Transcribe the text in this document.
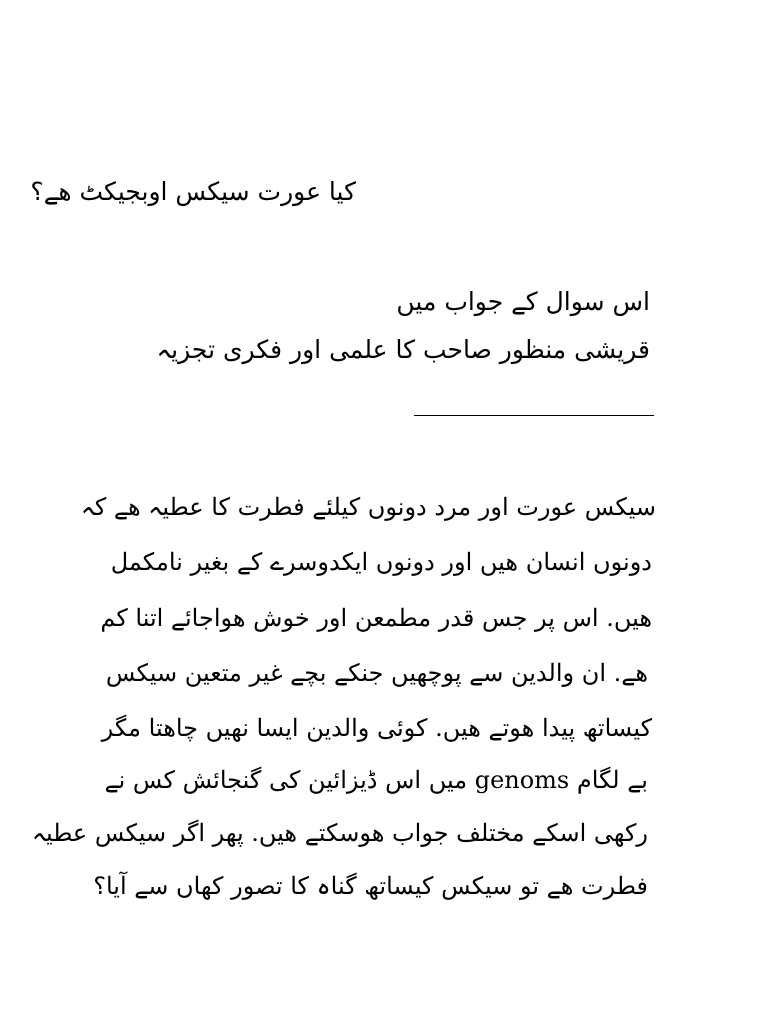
کیا عورت سیکس اوبجیکٹ ھے؟
اس سوال کے جواب میں
قریشی منظور صاحب کا علمی اور فکری تجزیہ
سیکس عورت اور مرد دونوں کیلئے فطرت کا عطیہ ھے کہ
دونوں انسان ھیں اور دونوں ایکدوسرے کے بغیر نامکمل
ھیں. اس پر جس قدر مطمعن اور خوش ھواجائے اتنا کم
ھے. ان والدین سے پوچھیں جنکے بچے غیر متعین سیکس
کیساتھ پیدا ھوتے ھیں. کوئی والدین ایسا نھیں چاھتا مگر
بے لگام genoms میں اس ڈیزائین کی گنجائش کس نے
رکھی اسکے مختلف جواب ھوسکتے ھیں. پھر اگر سیکس عطیہ
فطرت ھے تو سیکس کیساتھ گناہ کا تصور کھاں سے آیا؟
